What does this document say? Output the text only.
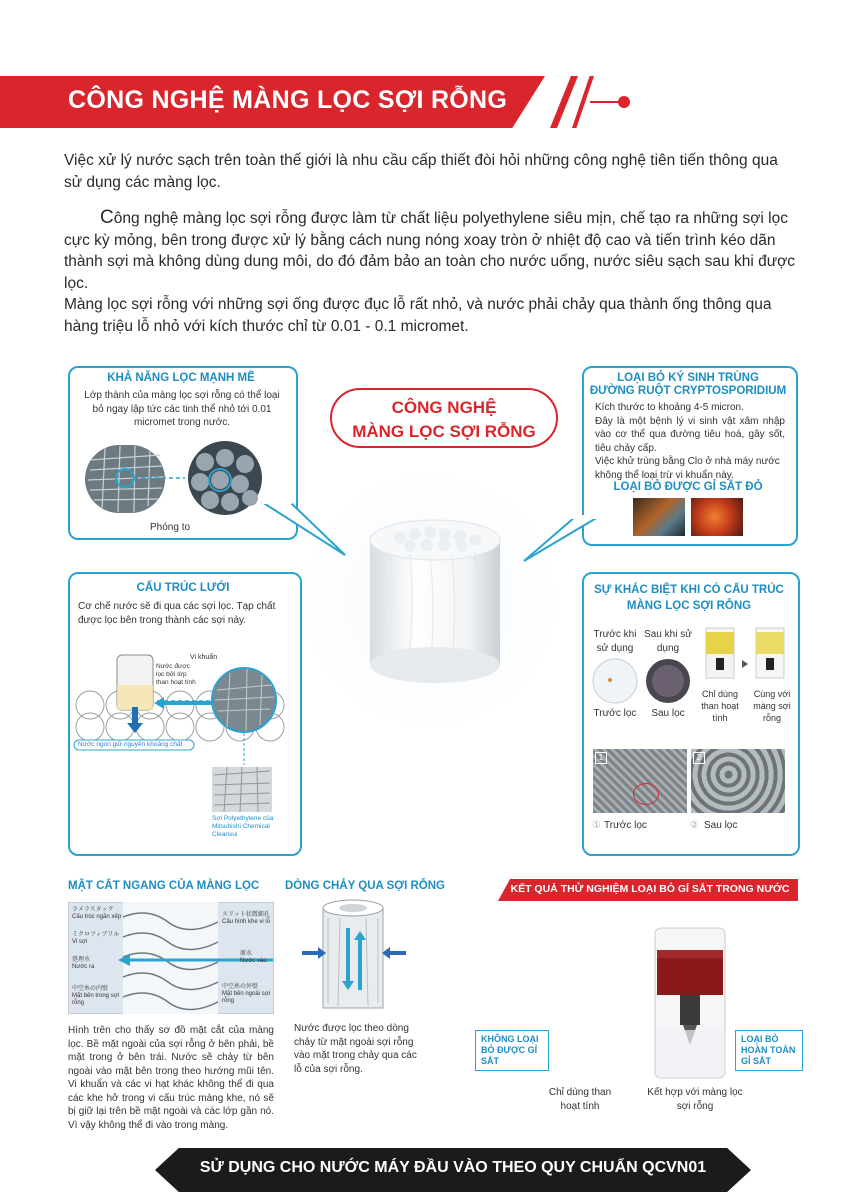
CÔNG NGHỆ MÀNG LỌC SỢI RỖNG

Việc xử lý nước sạch trên toàn thế giới là nhu cầu cấp thiết đòi hỏi những công nghệ tiên tiến thông qua sử dụng các màng lọc.

Công nghệ màng lọc sợi rỗng được làm từ chất liệu polyethylene siêu mịn, chế tạo ra những sợi lọc cực kỳ mỏng, bên trong được xử lý bằng cách nung nóng xoay tròn ở nhiệt độ cao và tiến trình kéo dãn thành sợi mà không dùng dung môi, do đó đảm bảo an toàn cho nước uống, nước siêu sạch sau khi được lọc.

Màng lọc sợi rỗng với những sợi ống được đục lỗ rất nhỏ, và nước phải chảy qua thành ống thông qua hàng triệu lỗ nhỏ với kích thước chỉ từ 0.01 - 0.1 micromet.

CÔNG NGHỆ
MÀNG LỌC SỢI RỖNG
KHẢ NĂNG LỌC MẠNH MẼ
Lớp thành của màng lọc sợi rỗng có thể loại bỏ ngay lập tức các tinh thể nhỏ tới 0.01 micromet trong nước.
Phóng to
LOẠI BỎ KÝ SINH TRÙNG
ĐƯỜNG RUỘT CRYPTOSPORIDIUM
Kích thước to khoảng 4-5 micron.
Đây là một bệnh lý vi sinh vật xâm nhập vào cơ thể qua đường tiêu hoá, gây sốt, tiêu chảy cấp.
Việc khử trùng bằng Clo ở nhà máy nước không thể loại trừ vi khuẩn này.
LOẠI BỎ ĐƯỢC GỈ SẮT ĐỎ
CẤU TRÚC LƯỚI
Cơ chế nước sẽ đi qua các sợi lọc. Tạp chất được lọc bên trong thành các sợi này.
Vi khuẩn
Nước được lọc bởi lớp than hoạt tính
Nước ngon giữ nguyên khoáng chất
Sợi Polyethylene của Mitsubishi Chemical Cleansui
SỰ KHÁC BIỆT KHI CÓ CẤU TRÚC
MÀNG LỌC SỢI RỖNG
Trước khi sử dụng
Sau khi sử dụng
Trước lọc	Sau lọc
Chỉ dùng than hoạt tính
Cùng với màng sợi rỗng
1	2
① Trước lọc	② Sau lọc
MẶT CẮT NGANG CỦA MÀNG LỌC
ラメラスタック
Cấu trúc ngăn xếp
ミクロフィブリル
Vi sợi
処理水
Nước ra
中空糸の内壁
Mặt bên trong sợi rỗng
スリット状微細孔
Cấu hình khe vi lỗ
原水
Nước vào
中空糸の外壁
Mặt bên ngoài sợi rỗng
Hình trên cho thấy sơ đồ mặt cắt của màng lọc. Bề mặt ngoài của sợi rỗng ở bên phải, bề mặt trong ở bên trái. Nước sẽ chảy từ bên ngoài vào mặt bên trong theo hướng mũi tên. Vi khuẩn và các vi hạt khác không thể đi qua các khe hở trong vi cấu trúc màng khe, nó sẽ bị giữ lại trên bề mặt ngoài và các lớp gần nó. Vì vậy không thể đi vào trong màng.
DÒNG CHẢY QUA SỢI RỖNG
Nước được lọc theo dòng chảy từ mặt ngoài sợi rỗng vào mặt trong chảy qua các lỗ của sợi rỗng.
KẾT QUẢ THỬ NGHIỆM LOẠI BỎ GỈ SẮT TRONG NƯỚC
KHÔNG LOẠI BỎ ĐƯỢC GỈ SẮT
LOẠI BỎ HOÀN TOÀN GỈ SẮT
Chỉ dùng than hoạt tính
Kết hợp với màng lọc sợi rỗng
SỬ DỤNG CHO NƯỚC MÁY ĐẦU VÀO THEO QUY CHUẨN QCVN01
